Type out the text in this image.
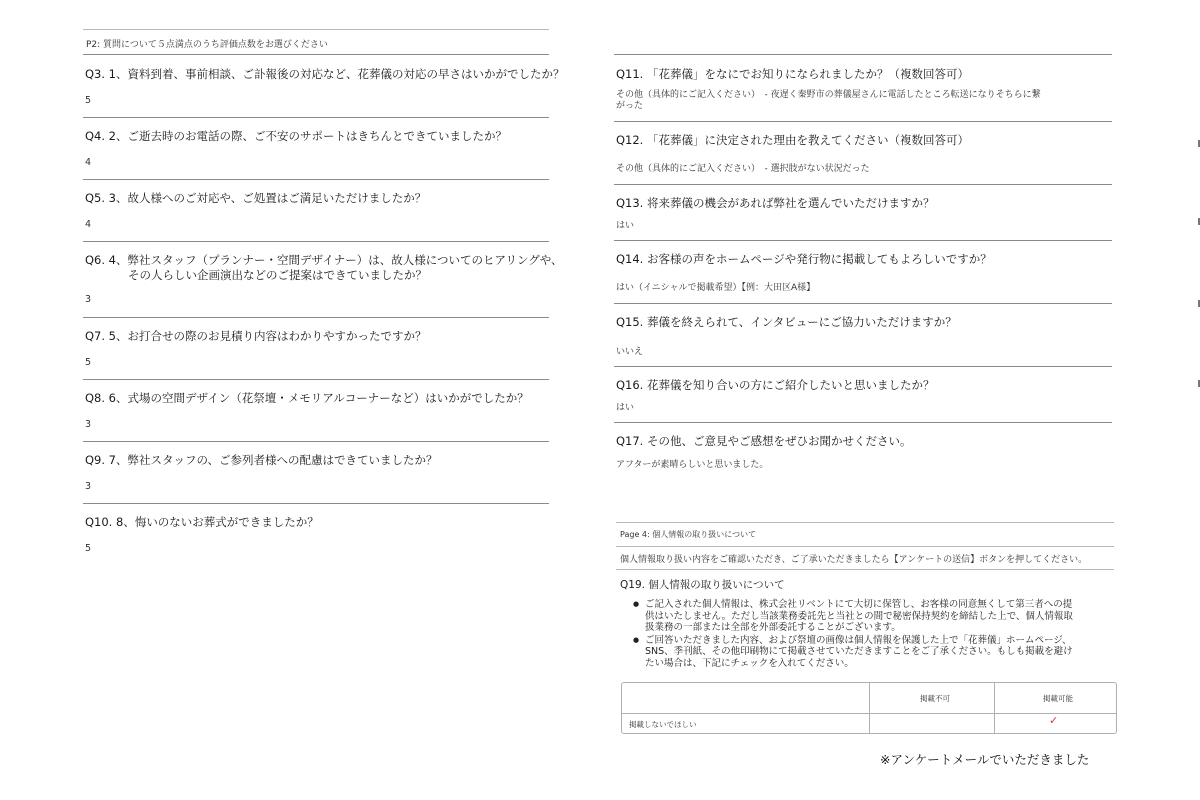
P2: 質問について５点満点のうち評価点数をお選びください
Q3. 1、資料到着、事前相談、ご訃報後の対応など、花葬儀の対応の早さはいかがでしたか？
5
Q4. 2、ご逝去時のお電話の際、ご不安のサポートはきちんとできていましたか？
4
Q5. 3、故人様へのご対応や、ご処置はご満足いただけましたか？
4
Q6. 4、弊社スタッフ（プランナー・空間デザイナー）は、故人様についてのヒアリングや、
その人らしい企画演出などのご提案はできていましたか？
3
Q7. 5、お打合せの際のお見積り内容はわかりやすかったですか？
5
Q8. 6、式場の空間デザイン（花祭壇・メモリアルコーナーなど）はいかがでしたか？
3
Q9. 7、弊社スタッフの、ご参列者様への配慮はできていましたか？
3
Q10. 8、悔いのないお葬式ができましたか？
5
Q11. 「花葬儀」をなにでお知りになられましたか？（複数回答可）
その他（具体的にご記入ください）　- 夜遅く秦野市の葬儀屋さんに電話したところ転送になりそちらに繋
がった
Q12. 「花葬儀」に決定された理由を教えてください（複数回答可）
その他（具体的にご記入ください）　- 選択肢がない状況だった
Q13. 将来葬儀の機会があれば弊社を選んでいただけますか？
はい
Q14. お客様の声をホームページや発行物に掲載してもよろしいですか？
はい（イニシャルで掲載希望）【例：大田区A様】
Q15. 葬儀を終えられて、インタビューにご協力いただけますか？
いいえ
Q16. 花葬儀を知り合いの方にご紹介したいと思いましたか？
はい
Q17. その他、ご意見やご感想をぜひお聞かせください。
アフターが素晴らしいと思いました。
Page 4: 個人情報の取り扱いについて
個人情報取り扱い内容をご確認いただき、ご了承いただきましたら【アンケートの送信】ボタンを押してください。
Q19. 個人情報の取り扱いについて
● ご記入された個人情報は、株式会社リベントにて大切に保管し、お客様の同意無くして第三者への提
供はいたしません。ただし当該業務委託先と当社との間で秘密保持契約を締結した上で、個人情報取
扱業務の一部または全部を外部委託することがございます。
● ご回答いただきました内容、および祭壇の画像は個人情報を保護した上で「花葬儀」ホームページ、
SNS、季刊紙、その他印刷物にて掲載させていただきますことをご了承ください。もしも掲載を避け
たい場合は、下記にチェックを入れてください。
掲載不可	掲載可能
掲載しないでほしい	✓
※アンケートメールでいただきました
